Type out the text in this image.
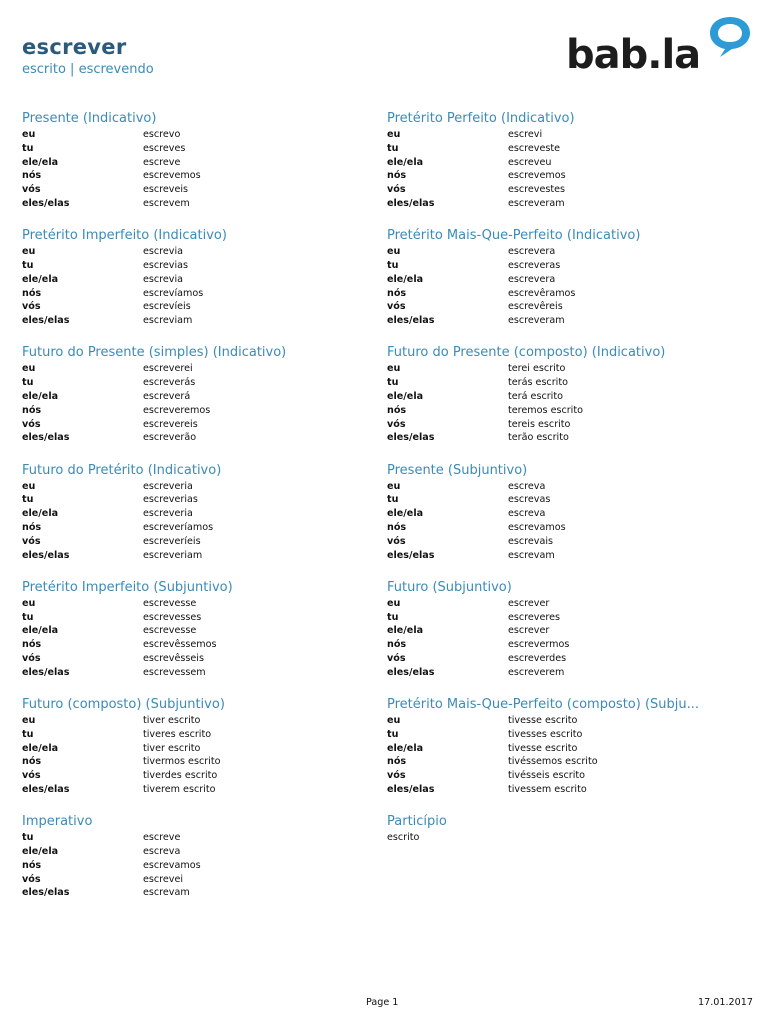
escrever
escrito | escrevendo	bab.la
Presente (Indicativo)
eu	escrevo
tu	escreves
ele/ela	escreve
nós	escrevemos
vós	escreveis
eles/elas	escrevem
Pretérito Imperfeito (Indicativo)
eu	escrevia
tu	escrevias
ele/ela	escrevia
nós	escrevíamos
vós	escrevíeis
eles/elas	escreviam
Futuro do Presente (simples) (Indicativo)
eu	escreverei
tu	escreverás
ele/ela	escreverá
nós	escreveremos
vós	escrevereis
eles/elas	escreverão
Futuro do Pretérito (Indicativo)
eu	escreveria
tu	escreverias
ele/ela	escreveria
nós	escreveríamos
vós	escreveríeis
eles/elas	escreveriam
Pretérito Imperfeito (Subjuntivo)
eu	escrevesse
tu	escrevesses
ele/ela	escrevesse
nós	escrevêssemos
vós	escrevêsseis
eles/elas	escrevessem
Futuro (composto) (Subjuntivo)
eu	tiver escrito
tu	tiveres escrito
ele/ela	tiver escrito
nós	tivermos escrito
vós	tiverdes escrito
eles/elas	tiverem escrito
Imperativo
tu	escreve
ele/ela	escreva
nós	escrevamos
vós	escrevei
eles/elas	escrevam
Pretérito Perfeito (Indicativo)
eu	escrevi
tu	escreveste
ele/ela	escreveu
nós	escrevemos
vós	escrevestes
eles/elas	escreveram
Pretérito Mais-Que-Perfeito (Indicativo)
eu	escrevera
tu	escreveras
ele/ela	escrevera
nós	escrevêramos
vós	escrevêreis
eles/elas	escreveram
Futuro do Presente (composto) (Indicativo)
eu	terei escrito
tu	terás escrito
ele/ela	terá escrito
nós	teremos escrito
vós	tereis escrito
eles/elas	terão escrito
Presente (Subjuntivo)
eu	escreva
tu	escrevas
ele/ela	escreva
nós	escrevamos
vós	escrevais
eles/elas	escrevam
Futuro (Subjuntivo)
eu	escrever
tu	escreveres
ele/ela	escrever
nós	escrevermos
vós	escreverdes
eles/elas	escreverem
Pretérito Mais-Que-Perfeito (composto) (Subju...
eu	tivesse escrito
tu	tivesses escrito
ele/ela	tivesse escrito
nós	tivéssemos escrito
vós	tivésseis escrito
eles/elas	tivessem escrito
Particípio
escrito
Page 1	17.01.2017
